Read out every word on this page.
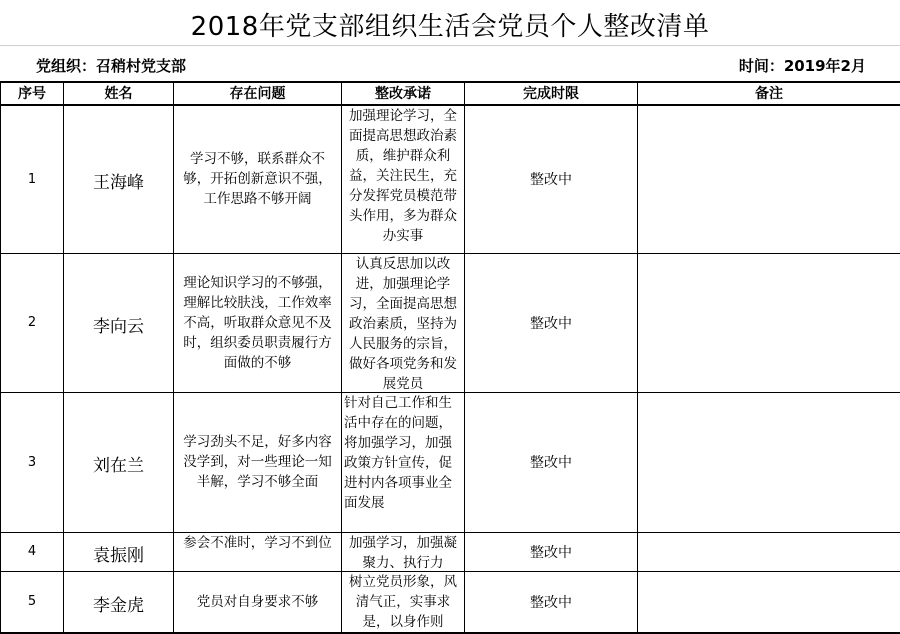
2018年党支部组织生活会党员个人整改清单
党组织：召稍村党支部	时间：2019年2月
序号	姓名	存在问题	整改承诺	完成时限	备注
1	王海峰	学习不够，联系群众不够，开拓创新意识不强，工作思路不够开阔	加强理论学习，全面提高思想政治素质，维护群众利益，关注民生，充分发挥党员模范带头作用，多为群众办实事	整改中	
2	李向云	理论知识学习的不够强，理解比较肤浅，工作效率不高，听取群众意见不及时，组织委员职责履行方面做的不够	认真反思加以改进，加强理论学习，全面提高思想政治素质，坚持为人民服务的宗旨，做好各项党务和发展党员	整改中	
3	刘在兰	学习劲头不足，好多内容没学到，对一些理论一知半解，学习不够全面	针对自己工作和生活中存在的问题，将加强学习，加强政策方针宣传，促进村内各项事业全面发展	整改中	
4	袁振刚	参会不准时，学习不到位	加强学习，加强凝聚力、执行力	整改中	
5	李金虎	党员对自身要求不够	树立党员形象，风清气正，实事求是，以身作则	整改中	
